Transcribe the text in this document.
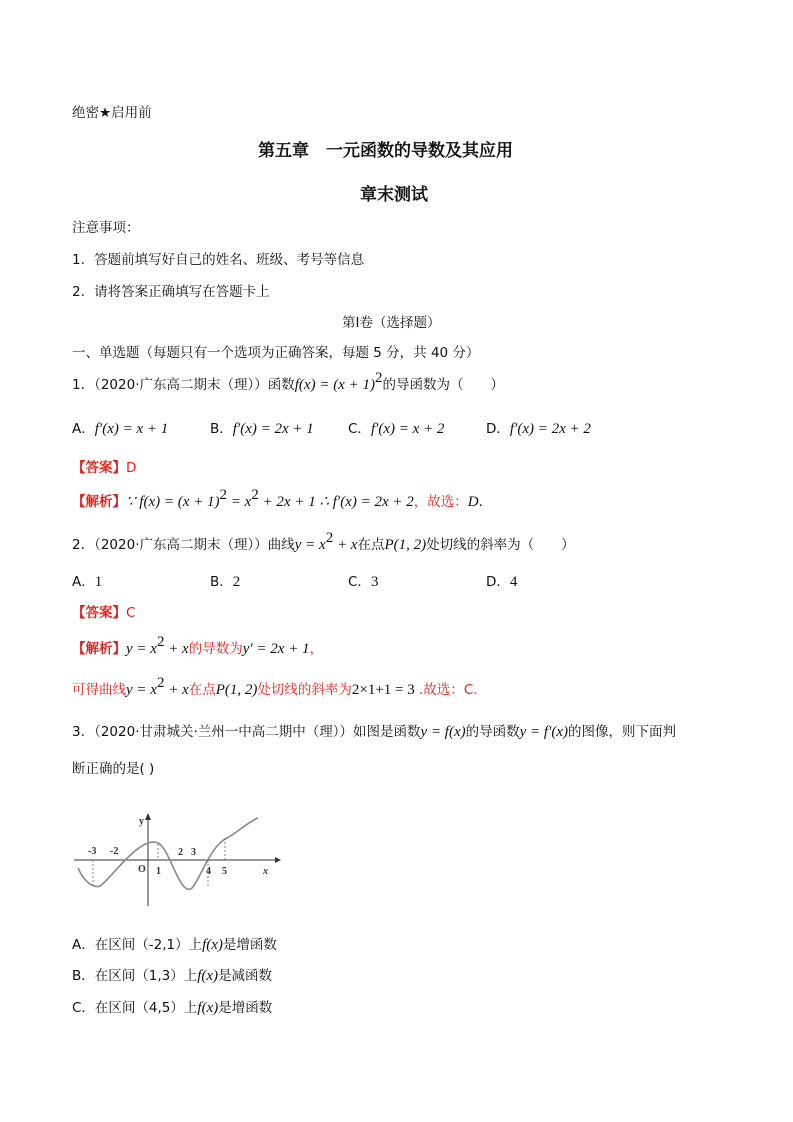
绝密★启用前
第五章　一元函数的导数及其应用
章末测试
注意事项：
1．答题前填写好自己的姓名、班级、考号等信息
2．请将答案正确填写在答题卡上
第I卷（选择题）
一、单选题（每题只有一个选项为正确答案，每题 5 分，共 40 分）
1．（2020·广东高二期末（理））函数$f(x) = (x + 1)^2$的导函数为（　　）
A．f′(x) = x + 1	B．f′(x) = 2x + 1	C．f′(x) = x + 2	D．f′(x) = 2x + 2
【答案】D
【解析】∵ $f(x) = (x + 1)^2 = x^2 + 2x + 1$ ∴ f′(x) = 2x + 2，故选：D.
2．（2020·广东高二期末（理））曲线$y = x^2 + x$在点P(1, 2)处切线的斜率为（　　）
A．1	B．2	C．3	D．4
【答案】C
【解析】$y = x^2 + x$的导数为y′ = 2x + 1，
可得曲线$y = x^2 + x$在点P(1, 2)处切线的斜率为2×1+1 = 3 .故选：C.
3．（2020·甘肃城关·兰州一中高二期中（理））如图是函数y = f(x)的导函数y = f′(x)的图像，则下面判
断正确的是( )
y
-3 -2
O 1
2 3
4 5	x
A．在区间（-2,1）上f(x)是增函数
B．在区间（1,3）上f(x)是减函数
C．在区间（4,5）上f(x)是增函数
